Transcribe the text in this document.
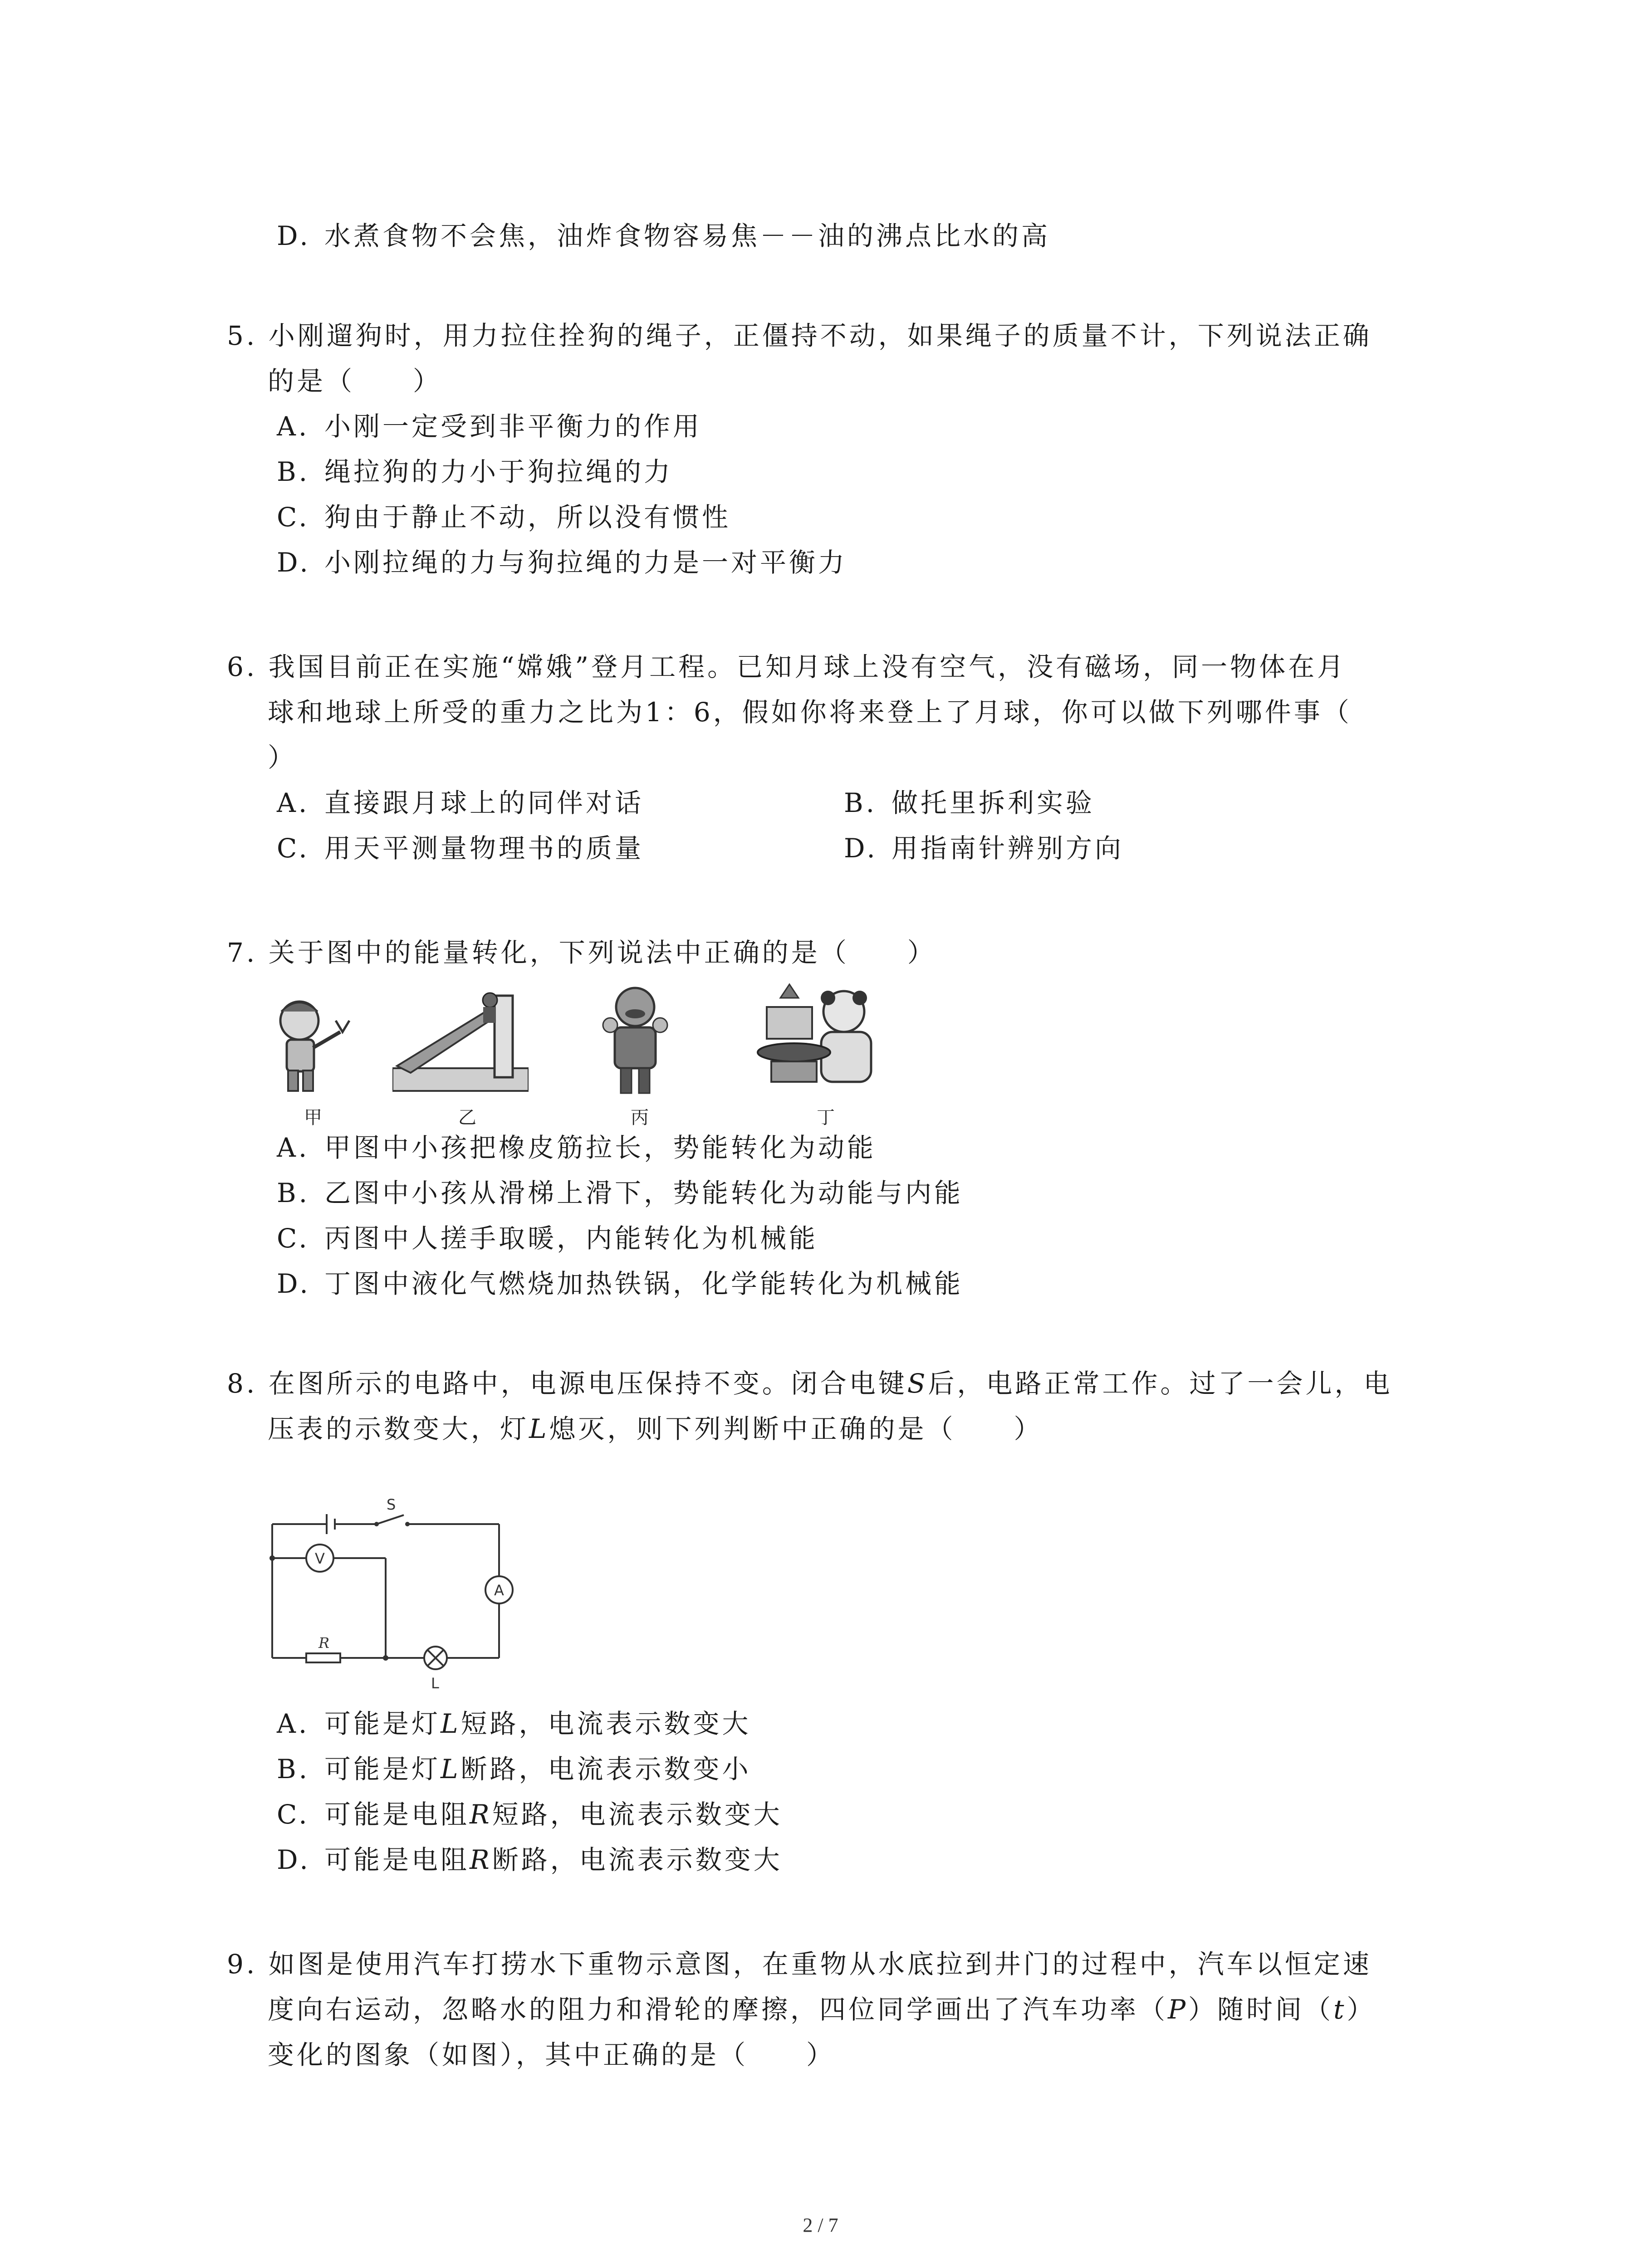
D. 水煮食物不会焦，油炸食物容易焦－－油的沸点比水的高
5. 小刚遛狗时，用力拉住拴狗的绳子，正僵持不动，如果绳子的质量不计，下列说法正确
的是（　　）
A. 小刚一定受到非平衡力的作用
B. 绳拉狗的力小于狗拉绳的力
C. 狗由于静止不动，所以没有惯性
D. 小刚拉绳的力与狗拉绳的力是一对平衡力
6. 我国目前正在实施“嫦娥”登月工程。已知月球上没有空气，没有磁场，同一物体在月
球和地球上所受的重力之比为1：6，假如你将来登上了月球，你可以做下列哪件事（
）
A. 直接跟月球上的同伴对话	B. 做托里拆利实验
C. 用天平测量物理书的质量	D. 用指南针辨别方向
7. 关于图中的能量转化，下列说法中正确的是（　　）
甲	乙	丙	丁
A. 甲图中小孩把橡皮筋拉长，势能转化为动能
B. 乙图中小孩从滑梯上滑下，势能转化为动能与内能
C. 丙图中人搓手取暖，内能转化为机械能
D. 丁图中液化气燃烧加热铁锅，化学能转化为机械能
8. 在图所示的电路中，电源电压保持不变。闭合电键S后，电路正常工作。过了一会儿，电
压表的示数变大，灯L熄灭，则下列判断中正确的是（　　）
S
V
A
R
L
A. 可能是灯L短路，电流表示数变大
B. 可能是灯L断路，电流表示数变小
C. 可能是电阻R短路，电流表示数变大
D. 可能是电阻R断路，电流表示数变大
9. 如图是使用汽车打捞水下重物示意图，在重物从水底拉到井门的过程中，汽车以恒定速
度向右运动，忽略水的阻力和滑轮的摩擦，四位同学画出了汽车功率（P）随时间（t）
变化的图象（如图），其中正确的是（　　）
2 / 7
